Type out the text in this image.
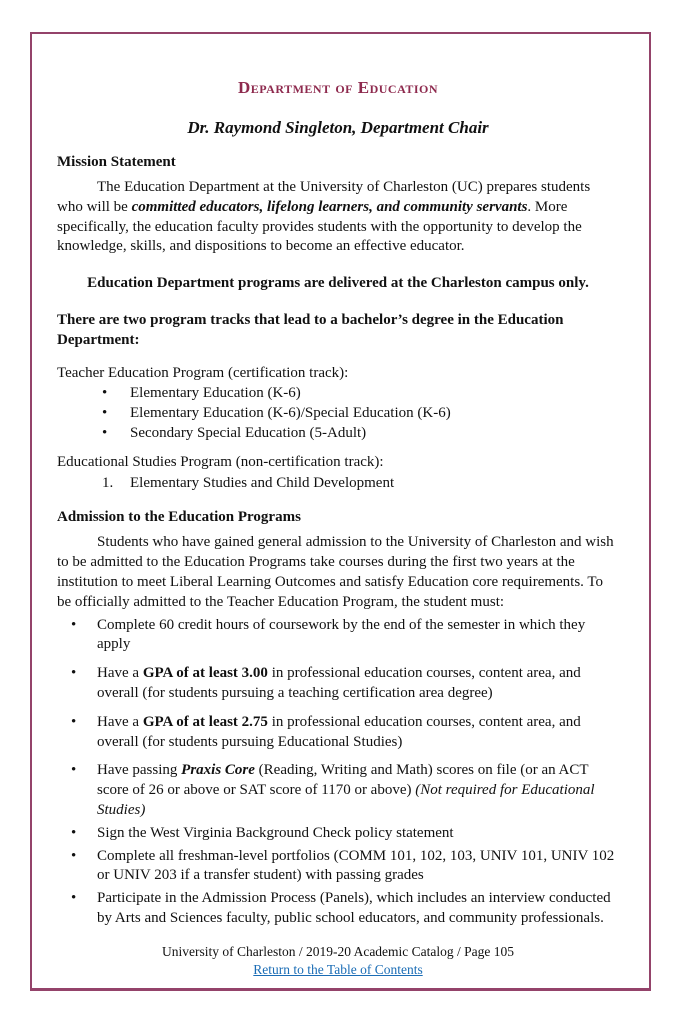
Department of Education
Dr. Raymond Singleton, Department Chair
Mission Statement

The Education Department at the University of Charleston (UC) prepares students who will be committed educators, lifelong learners, and community servants. More specifically, the education faculty provides students with the opportunity to develop the knowledge, skills, and dispositions to become an effective educator.

Education Department programs are delivered at the Charleston campus only.
There are two program tracks that lead to a bachelor’s degree in the Education Department:
Teacher Education Program (certification track):
• Elementary Education (K-6)
• Elementary Education (K-6)/Special Education (K-6)
• Secondary Special Education (5-Adult)
Educational Studies Program (non-certification track):
1. Elementary Studies and Child Development
Admission to the Education Programs

Students who have gained general admission to the University of Charleston and wish to be admitted to the Education Programs take courses during the first two years at the institution to meet Liberal Learning Outcomes and satisfy Education core requirements. To be officially admitted to the Teacher Education Program, the student must:

• Complete 60 credit hours of coursework by the end of the semester in which they apply
• Have a GPA of at least 3.00 in professional education courses, content area, and overall (for students pursuing a teaching certification area degree)
• Have a GPA of at least 2.75 in professional education courses, content area, and overall (for students pursuing Educational Studies)
• Have passing Praxis Core (Reading, Writing and Math) scores on file (or an ACT score of 26 or above or SAT score of 1170 or above) (Not required for Educational Studies)
• Sign the West Virginia Background Check policy statement
• Complete all freshman-level portfolios (COMM 101, 102, 103, UNIV 101, UNIV 102 or UNIV 203 if a transfer student) with passing grades
• Participate in the Admission Process (Panels), which includes an interview conducted by Arts and Sciences faculty, public school educators, and community professionals.
University of Charleston / 2019-20 Academic Catalog / Page 105
Return to the Table of Contents
